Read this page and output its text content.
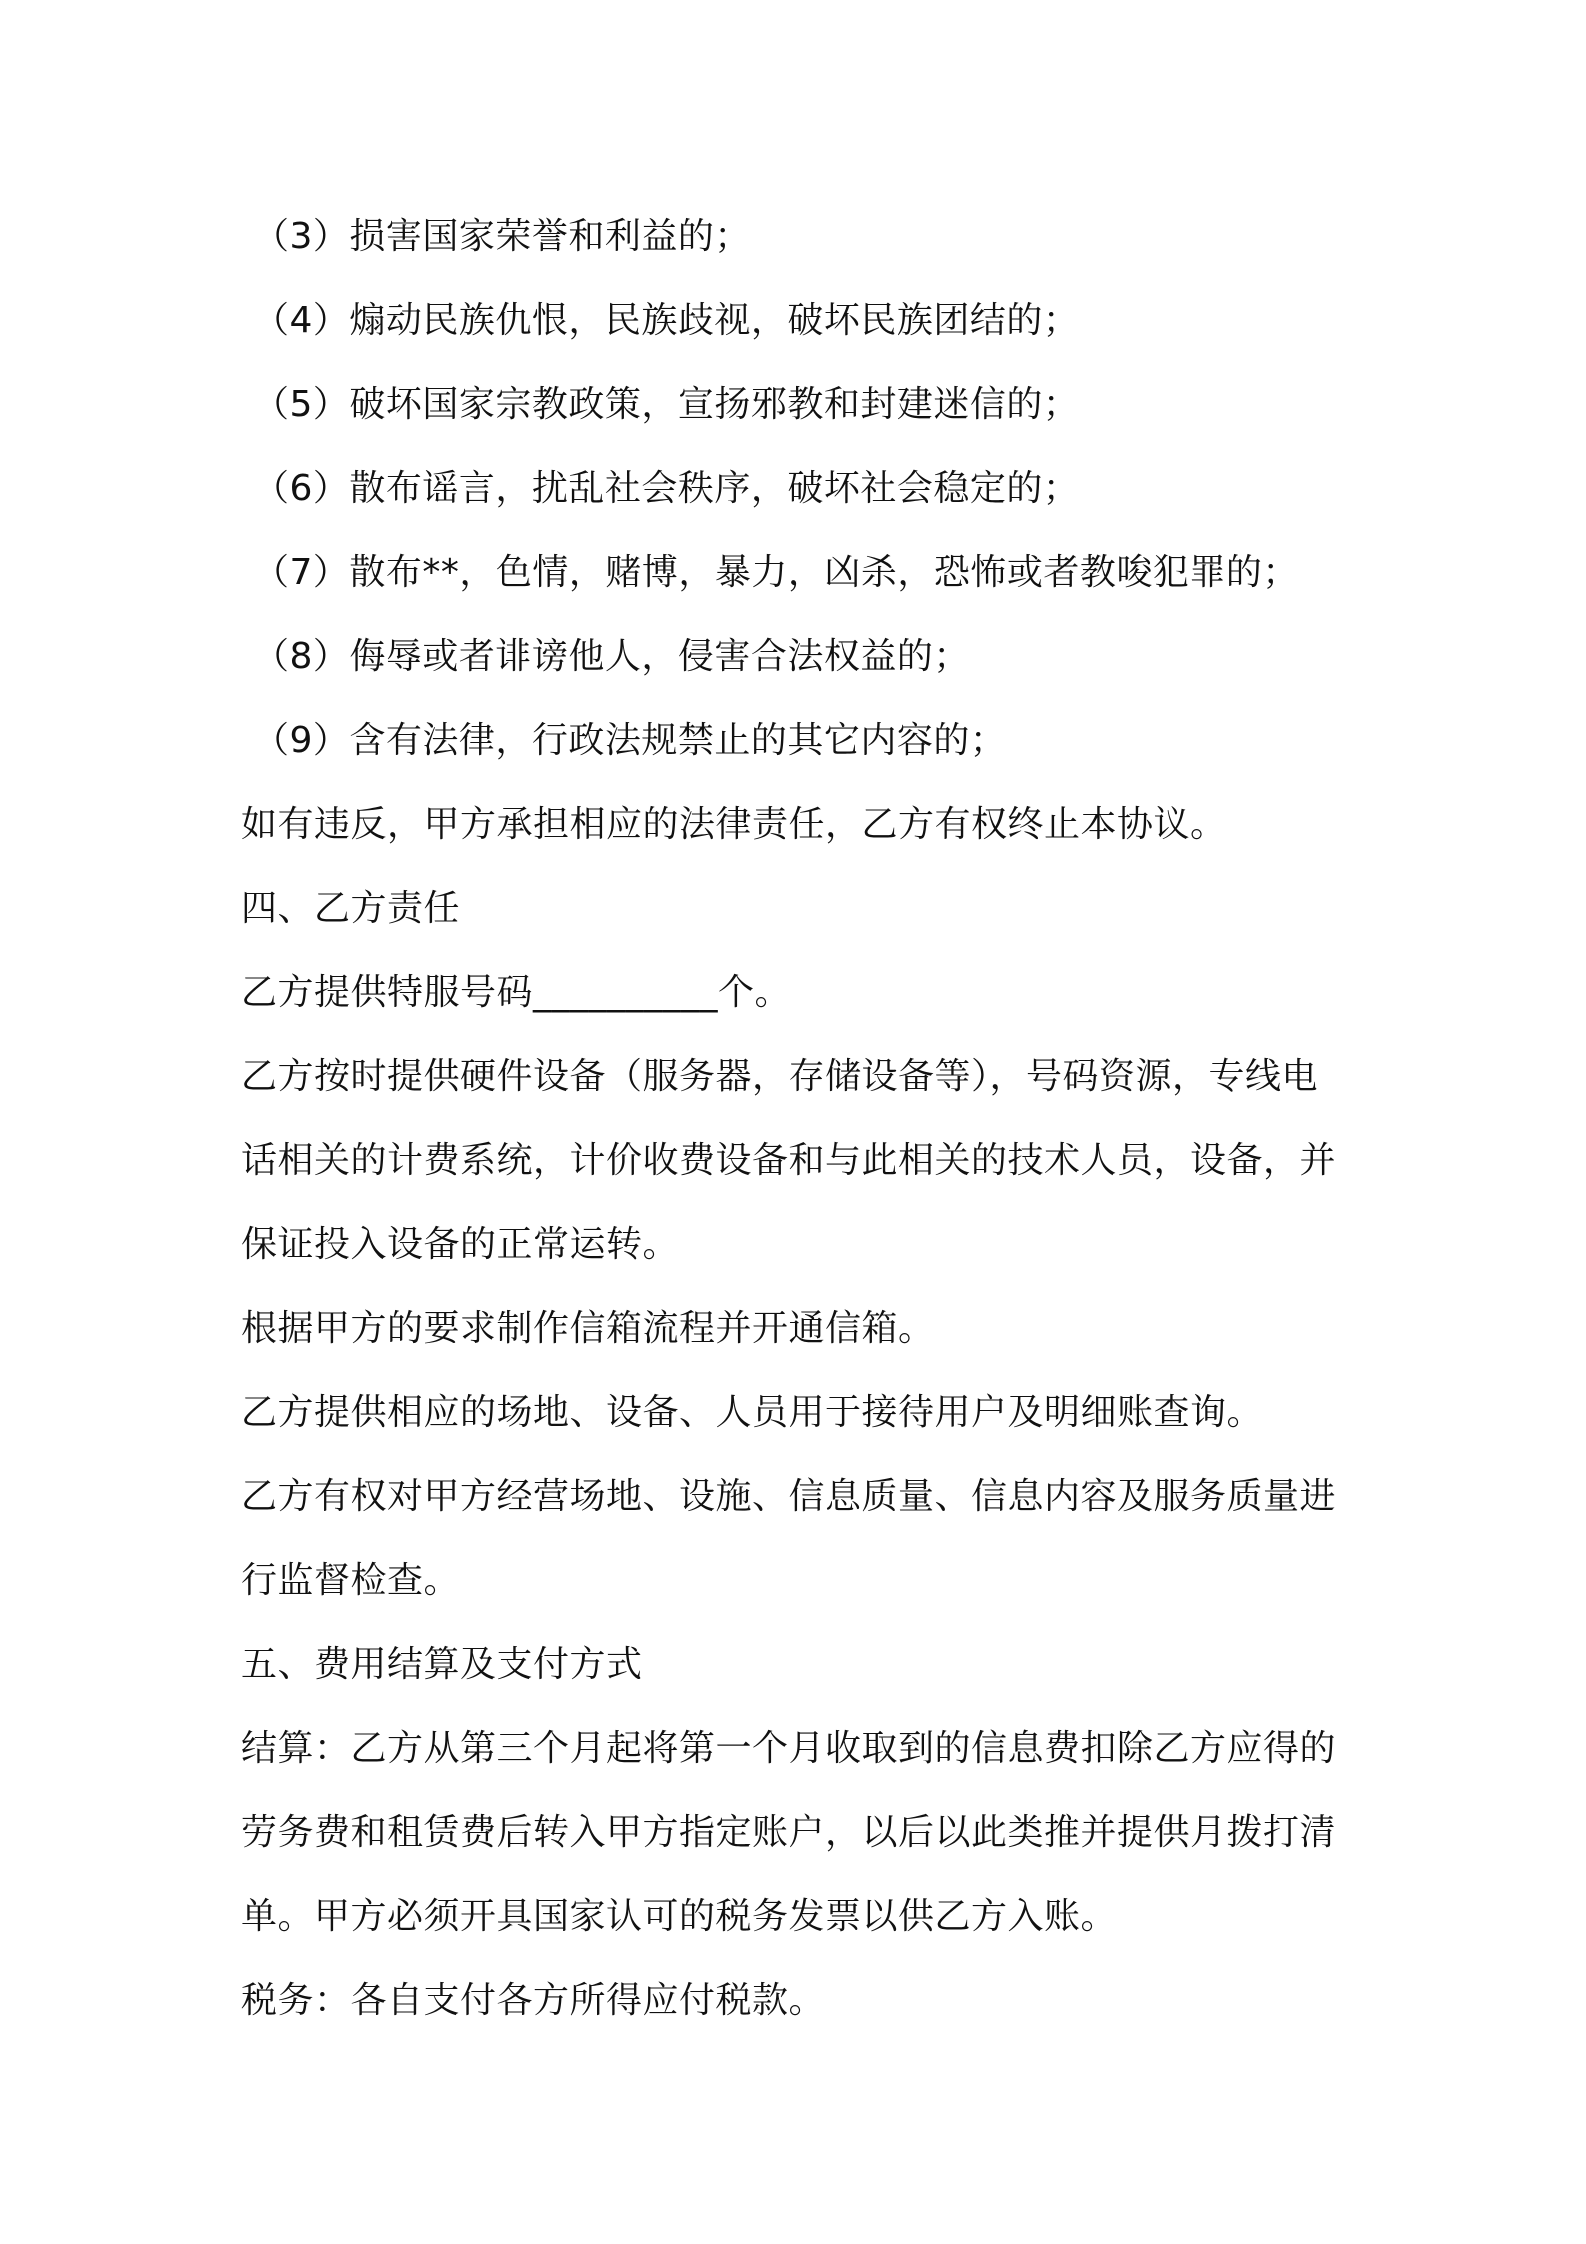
（3）损害国家荣誉和利益的；
（4）煽动民族仇恨，民族歧视，破坏民族团结的；
（5）破坏国家宗教政策，宣扬邪教和封建迷信的；
（6）散布谣言，扰乱社会秩序，破坏社会稳定的；
（7）散布**，色情，赌博，暴力，凶杀，恐怖或者教唆犯罪的；
（8）侮辱或者诽谤他人，侵害合法权益的；
（9）含有法律，行政法规禁止的其它内容的；
如有违反，甲方承担相应的法律责任，乙方有权终止本协议。
四、乙方责任
乙方提供特服号码__________个。
乙方按时提供硬件设备（服务器，存储设备等），号码资源，专线电
话相关的计费系统，计价收费设备和与此相关的技术人员，设备，并
保证投入设备的正常运转。
根据甲方的要求制作信箱流程并开通信箱。
乙方提供相应的场地、设备、人员用于接待用户及明细账查询。
乙方有权对甲方经营场地、设施、信息质量、信息内容及服务质量进
行监督检查。
五、费用结算及支付方式
结算：乙方从第三个月起将第一个月收取到的信息费扣除乙方应得的
劳务费和租赁费后转入甲方指定账户，以后以此类推并提供月拨打清
单。甲方必须开具国家认可的税务发票以供乙方入账。
税务：各自支付各方所得应付税款。
